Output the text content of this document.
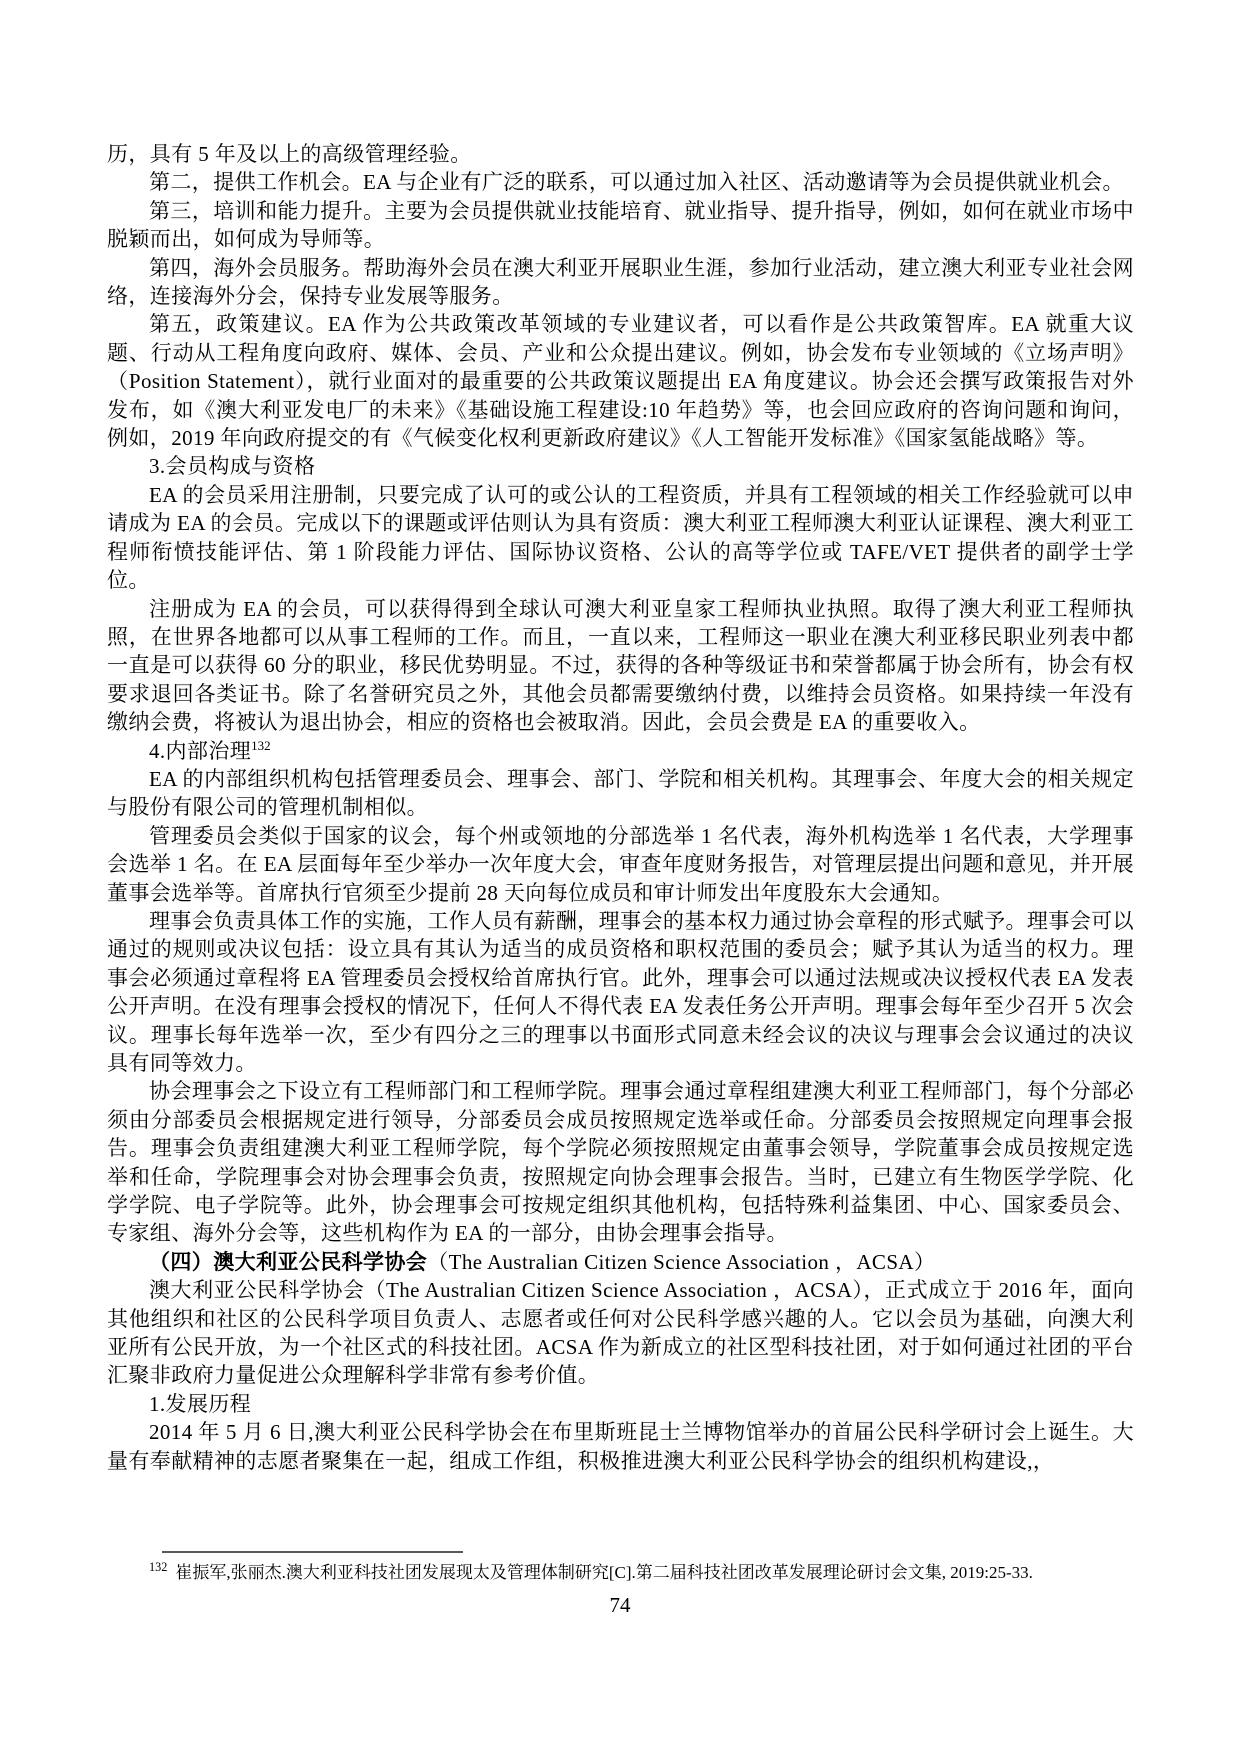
历，具有 5 年及以上的高级管理经验。

第二，提供工作机会。EA 与企业有广泛的联系，可以通过加入社区、活动邀请等为会员提供就业机会。

第三，培训和能力提升。主要为会员提供就业技能培育、就业指导、提升指导，例如，如何在就业市场中脱颖而出，如何成为导师等。

第四，海外会员服务。帮助海外会员在澳大利亚开展职业生涯，参加行业活动，建立澳大利亚专业社会网络，连接海外分会，保持专业发展等服务。

第五，政策建议。EA 作为公共政策改革领域的专业建议者，可以看作是公共政策智库。EA 就重大议题、行动从工程角度向政府、媒体、会员、产业和公众提出建议。例如，协会发布专业领域的《立场声明》（Position Statement），就行业面对的最重要的公共政策议题提出 EA 角度建议。协会还会撰写政策报告对外发布，如《澳大利亚发电厂的未来》《基础设施工程建设:10 年趋势》等，也会回应政府的咨询问题和询问，例如，2019 年向政府提交的有《气候变化权利更新政府建议》《人工智能开发标准》《国家氢能战略》等。

3.会员构成与资格

EA 的会员采用注册制，只要完成了认可的或公认的工程资质，并具有工程领域的相关工作经验就可以申请成为 EA 的会员。完成以下的课题或评估则认为具有资质：澳大利亚工程师澳大利亚认证课程、澳大利亚工程师衔愤技能评估、第 1 阶段能力评估、国际协议资格、公认的高等学位或 TAFE/VET 提供者的副学士学位。

注册成为 EA 的会员，可以获得得到全球认可澳大利亚皇家工程师执业执照。取得了澳大利亚工程师执照，在世界各地都可以从事工程师的工作。而且，一直以来，工程师这一职业在澳大利亚移民职业列表中都一直是可以获得 60 分的职业，移民优势明显。不过，获得的各种等级证书和荣誉都属于协会所有，协会有权要求退回各类证书。除了名誉研究员之外，其他会员都需要缴纳付费，以维持会员资格。如果持续一年没有缴纳会费，将被认为退出协会，相应的资格也会被取消。因此，会员会费是 EA 的重要收入。

4.内部治理$^{132}$

EA 的内部组织机构包括管理委员会、理事会、部门、学院和相关机构。其理事会、年度大会的相关规定与股份有限公司的管理机制相似。

管理委员会类似于国家的议会，每个州或领地的分部选举 1 名代表，海外机构选举 1 名代表，大学理事会选举 1 名。在 EA 层面每年至少举办一次年度大会，审查年度财务报告，对管理层提出问题和意见，并开展董事会选举等。首席执行官须至少提前 28 天向每位成员和审计师发出年度股东大会通知。

理事会负责具体工作的实施，工作人员有薪酬，理事会的基本权力通过协会章程的形式赋予。理事会可以通过的规则或决议包括：设立具有其认为适当的成员资格和职权范围的委员会；赋予其认为适当的权力。理事会必须通过章程将 EA 管理委员会授权给首席执行官。此外，理事会可以通过法规或决议授权代表 EA 发表公开声明。在没有理事会授权的情况下，任何人不得代表 EA 发表任务公开声明。理事会每年至少召开 5 次会议。理事长每年选举一次，至少有四分之三的理事以书面形式同意未经会议的决议与理事会会议通过的决议具有同等效力。

协会理事会之下设立有工程师部门和工程师学院。理事会通过章程组建澳大利亚工程师部门，每个分部必须由分部委员会根据规定进行领导，分部委员会成员按照规定选举或任命。分部委员会按照规定向理事会报告。理事会负责组建澳大利亚工程师学院，每个学院必须按照规定由董事会领导，学院董事会成员按规定选举和任命，学院理事会对协会理事会负责，按照规定向协会理事会报告。当时，已建立有生物医学学院、化学学院、电子学院等。此外，协会理事会可按规定组织其他机构，包括特殊利益集团、中心、国家委员会、专家组、海外分会等，这些机构作为 EA 的一部分，由协会理事会指导。

（四）澳大利亚公民科学协会（The Australian Citizen Science Association ，ACSA）

澳大利亚公民科学协会（The Australian Citizen Science Association ，ACSA），正式成立于 2016 年，面向其他组织和社区的公民科学项目负责人、志愿者或任何对公民科学感兴趣的人。它以会员为基础，向澳大利亚所有公民开放，为一个社区式的科技社团。ACSA 作为新成立的社区型科技社团，对于如何通过社团的平台汇聚非政府力量促进公众理解科学非常有参考价值。

1.发展历程

2014 年 5 月 6 日,澳大利亚公民科学协会在布里斯班昆士兰博物馆举办的首届公民科学研讨会上诞生。大量有奉献精神的志愿者聚集在一起，组成工作组，积极推进澳大利亚公民科学协会的组织机构建设,，

$^{132}$ 崔振军,张丽杰.澳大利亚科技社团发展现太及管理体制研究[C].第二届科技社团改革发展理论研讨会文集, 2019:25-33.
74
